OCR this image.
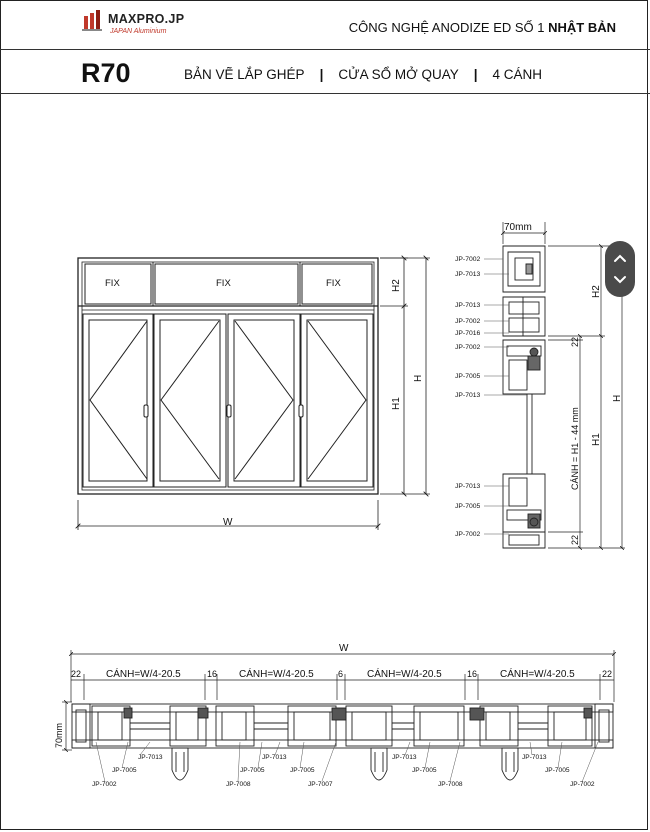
MAXPRO.JP
JAPAN Aluminium	CÔNG NGHỆ ANODIZE ED SỐ 1 NHẬT BẢN
R70	BẢN VẼ LẮP GHÉP | CỬA SỔ MỞ QUAY | 4 CÁNH
FIX	FIX	FIX
W
H2
H1
H
70mm
JP-7002
JP-7013
JP-7013
JP-7002
JP-7016
JP-7002
JP-7005
JP-7013
JP-7013
JP-7005
JP-7002
22
22
CÁNH = H1 - 44 mm
H2
H1
H
W
22 CÁNH=W/4-20.5	16 CÁNH=W/4-20.5	6 CÁNH=W/4-20.5	16 CÁNH=W/4-20.5	22
70mm
JP-7013
JP-7005
JP-7002	JP-7008
JP-7013
JP-7005	JP-7005
JP-7007
JP-7013
JP-7005
JP-7008
JP-7013
JP-7005
JP-7002
